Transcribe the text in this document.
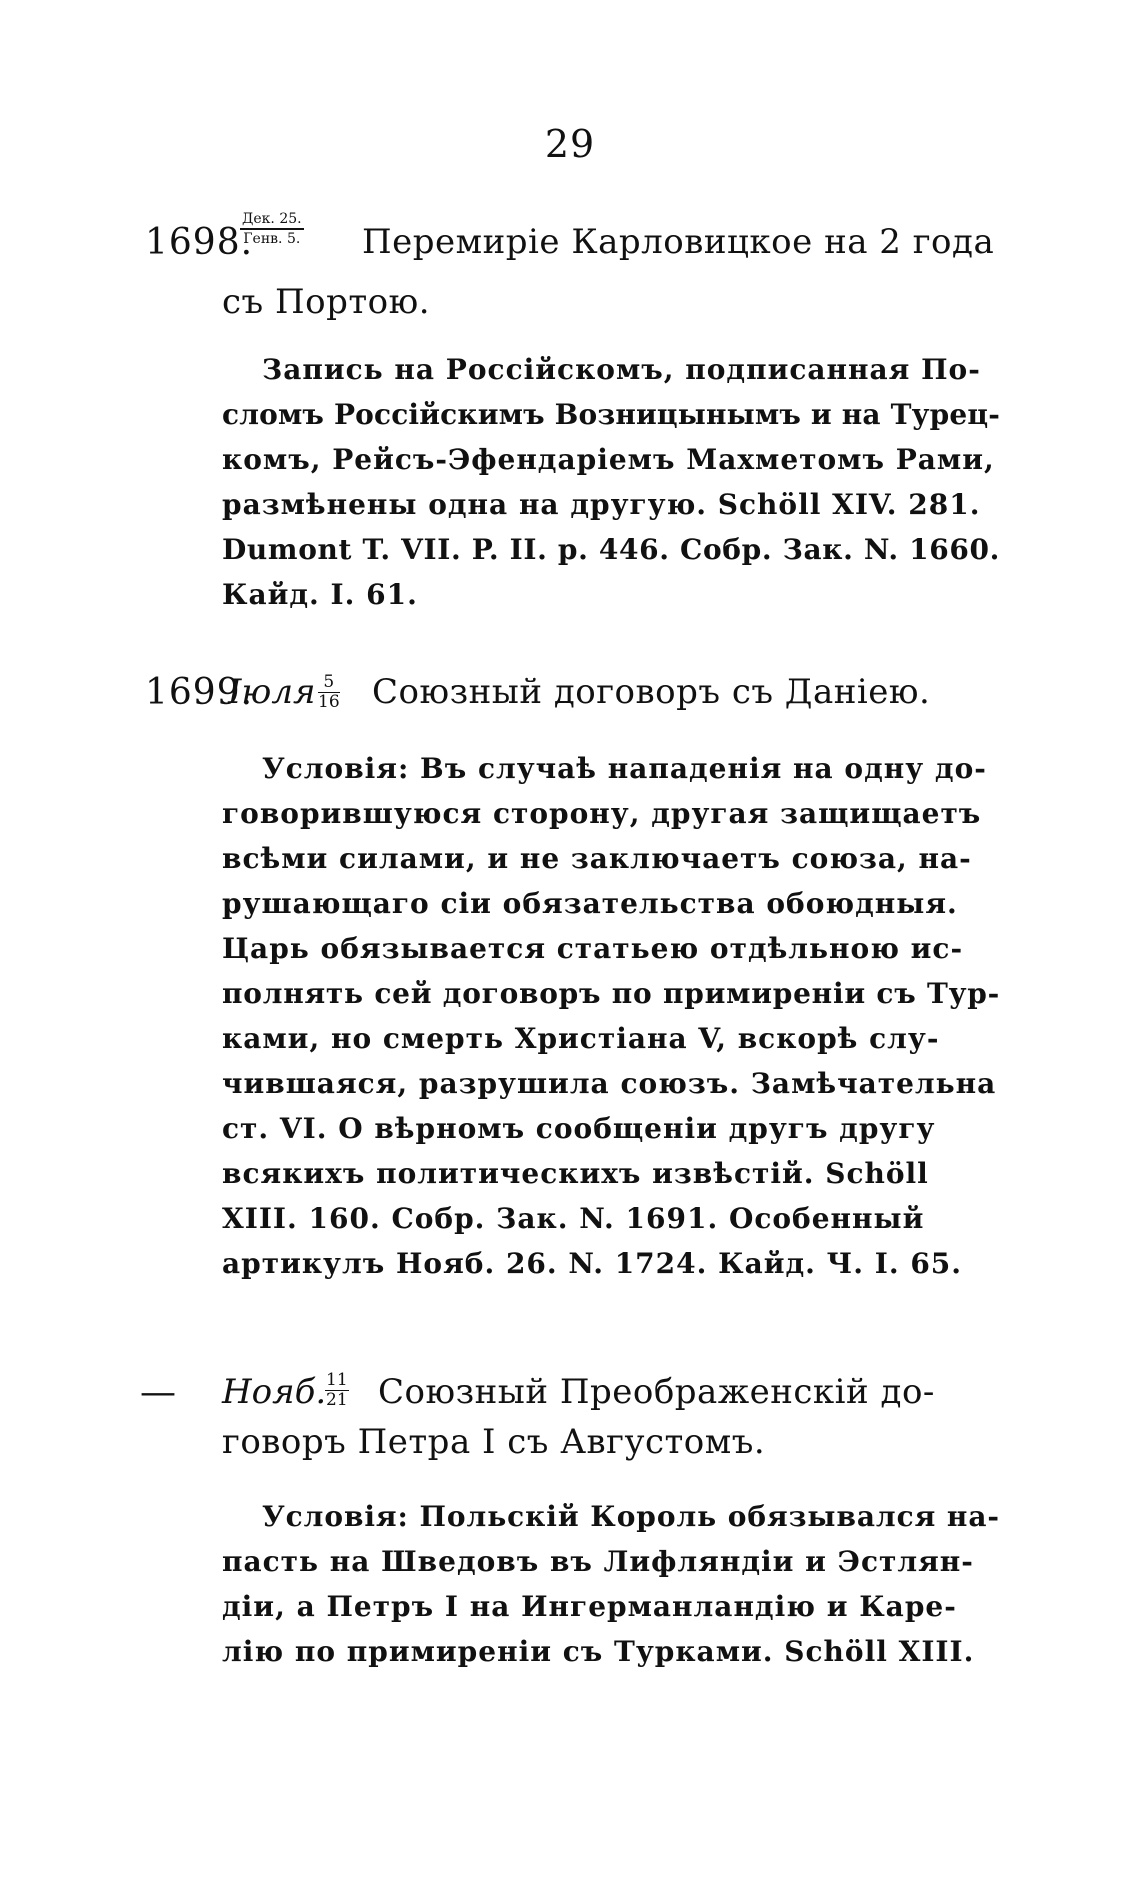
29
1698.
Дек. 25.
Генв. 5. Перемиріе Карловицкое на 2 года
съ Портою.
Запись на Россійскомъ, подписанная По-
сломъ Россійскимъ Возницынымъ и на Турец-
комъ, Рейсъ-Эфендаріемъ Махметомъ Рами,
размѣнены одна на другую. Schöll XIV. 281.
Dumont T. VII. P. II. p. 446. Собр. Зак. N. 1660.
Кайд. I. 61.
1699.
Іюля $\frac{5}{16}$ Союзный договоръ съ Даніею.
Условія: Въ случаѣ нападенія на одну до-
говорившуюся сторону, другая защищаетъ
всѣми силами, и не заключаетъ союза, на-
рушающаго сіи обязательства обоюдныя.
Царь обязывается статьею отдѣльною ис-
полнять сей договоръ по примиреніи съ Тур-
ками, но смерть Христіана V, вскорѣ слу-
чившаяся, разрушила союзъ. Замѣчательна
ст. VI. О вѣрномъ сообщеніи другъ другу
всякихъ политическихъ извѣстій. Schöll
XIII. 160. Собр. Зак. N. 1691. Особенный
артикулъ Нояб. 26. N. 1724. Кайд. Ч. I. 65.
— Нояб.
$\frac{11}{21}$ Союзный Преображенскій до-
говоръ Петра I съ Августомъ.
Условія: Польскій Король обязывался на-
пасть на Шведовъ въ Лифляндіи и Эстлян-
діи, а Петръ I на Ингерманландію и Каре-
лію по примиреніи съ Турками. Schöll XIII.
